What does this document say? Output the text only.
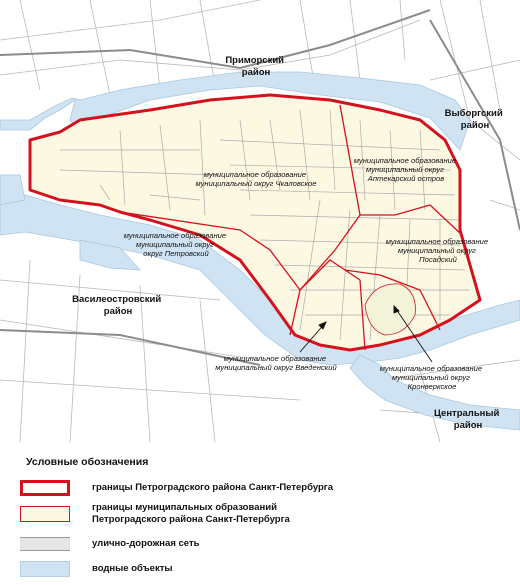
Приморский район
Выборгский район
Василеостровский район
Центральный район
муниципальное образование муниципальный округ Чкаловское
муниципальное образование муниципальный округ Аптекарский остров
муниципальное образование муниципальный округ округ Петровский
муниципальное образование муниципальный округ Посадский
муниципальное образование муниципальный округ Введенский	муниципальное образование муниципальный округ Кронверкское
Условные обозначения
границы Петроградского района Санкт-Петербурга
границы муниципальных образований
Петроградского района Санкт-Петербурга
улично-дорожная сеть
водные объекты
